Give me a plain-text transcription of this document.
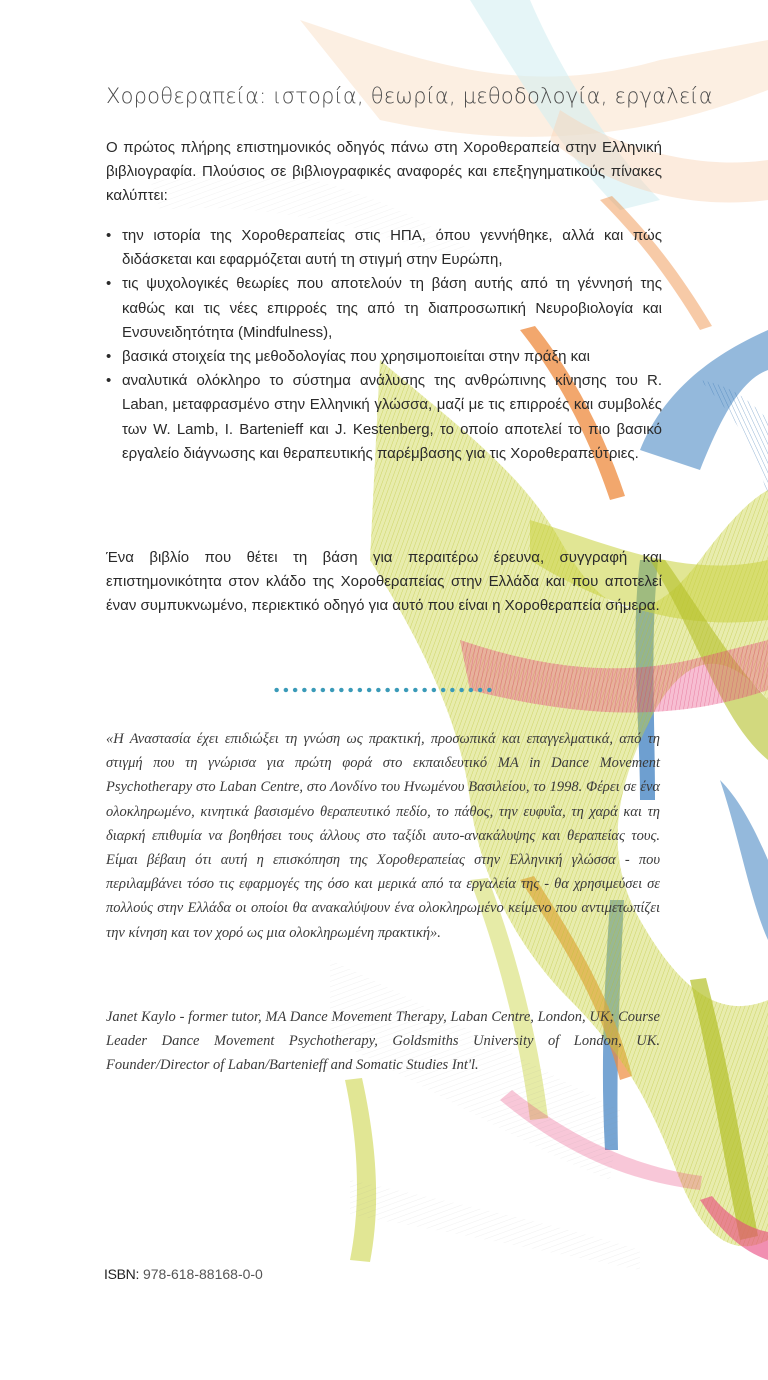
Χοροθεραπεία: ιστορία, θεωρία, μεθοδολογία, εργαλεία

Ο πρώτος πλήρης επιστημονικός οδηγός πάνω στη Χοροθεραπεία στην Ελληνική βιβλιογραφία. Πλούσιος σε βιβλιογραφικές αναφορές και επεξηγηματικούς πίνακες καλύπτει:

• την ιστορία της Χοροθεραπείας στις ΗΠΑ, όπου γεννήθηκε, αλλά και πώς διδάσκεται και εφαρμόζεται αυτή τη στιγμή στην Ευρώπη,
• τις ψυχολογικές θεωρίες που αποτελούν τη βάση αυτής από τη γέννησή της καθώς και τις νέες επιρροές της από τη διαπροσωπική Νευροβιολογία και Ενσυνειδητότητα (Mindfulness),
• βασικά στοιχεία της μεθοδολογίας που χρησιμοποιείται στην πράξη και
• αναλυτικά ολόκληρο το σύστημα ανάλυσης της ανθρώπινης κίνησης του R. Laban, μεταφρασμένο στην Ελληνική γλώσσα, μαζί με τις επιρροές και συμβολές των W. Lamb, I. Bartenieff και J. Kestenberg, το οποίο αποτελεί το πιο βασικό εργαλείο διάγνωσης και θεραπευτικής παρέμβασης για τις Χοροθεραπεύτριες.

Ένα βιβλίο που θέτει τη βάση για περαιτέρω έρευνα, συγγραφή και επιστημονικότητα στον κλάδο της Χοροθεραπείας στην Ελλάδα και που αποτελεί έναν συμπυκνωμένο, περιεκτικό οδηγό για αυτό που είναι η Χοροθεραπεία σήμερα.

«Η Αναστασία έχει επιδιώξει τη γνώση ως πρακτική, προσωπικά και επαγγελματικά, από τη στιγμή που τη γνώρισα για πρώτη φορά στο εκπαιδευτικό MA in Dance Movement Psychotherapy στο Laban Centre, στο Λονδίνο του Ηνωμένου Βασιλείου, το 1998. Φέρει σε ένα ολοκληρωμένο, κινητικά βασισμένο θεραπευτικό πεδίο, το πάθος, την ευφυΐα, τη χαρά και τη διαρκή επιθυμία να βοηθήσει τους άλλους στο ταξίδι αυτο-ανακάλυψης και θεραπείας τους. Είμαι βέβαιη ότι αυτή η επισκόπηση της Χοροθεραπείας στην Ελληνική γλώσσα - που περιλαμβάνει τόσο τις εφαρμογές της όσο και μερικά από τα εργαλεία της - θα χρησιμεύσει σε πολλούς στην Ελλάδα οι οποίοι θα ανακαλύψουν ένα ολοκληρωμένο κείμενο που αντιμετωπίζει την κίνηση και τον χορό ως μια ολοκληρωμένη πρακτική».

Janet Kaylo - former tutor, MA Dance Movement Therapy, Laban Centre, London, UK; Course Leader Dance Movement Psychotherapy, Goldsmiths University of London, UK. Founder/Director of Laban/Bartenieff and Somatic Studies Int'l.

ISBN: 978-618-88168-0-0
